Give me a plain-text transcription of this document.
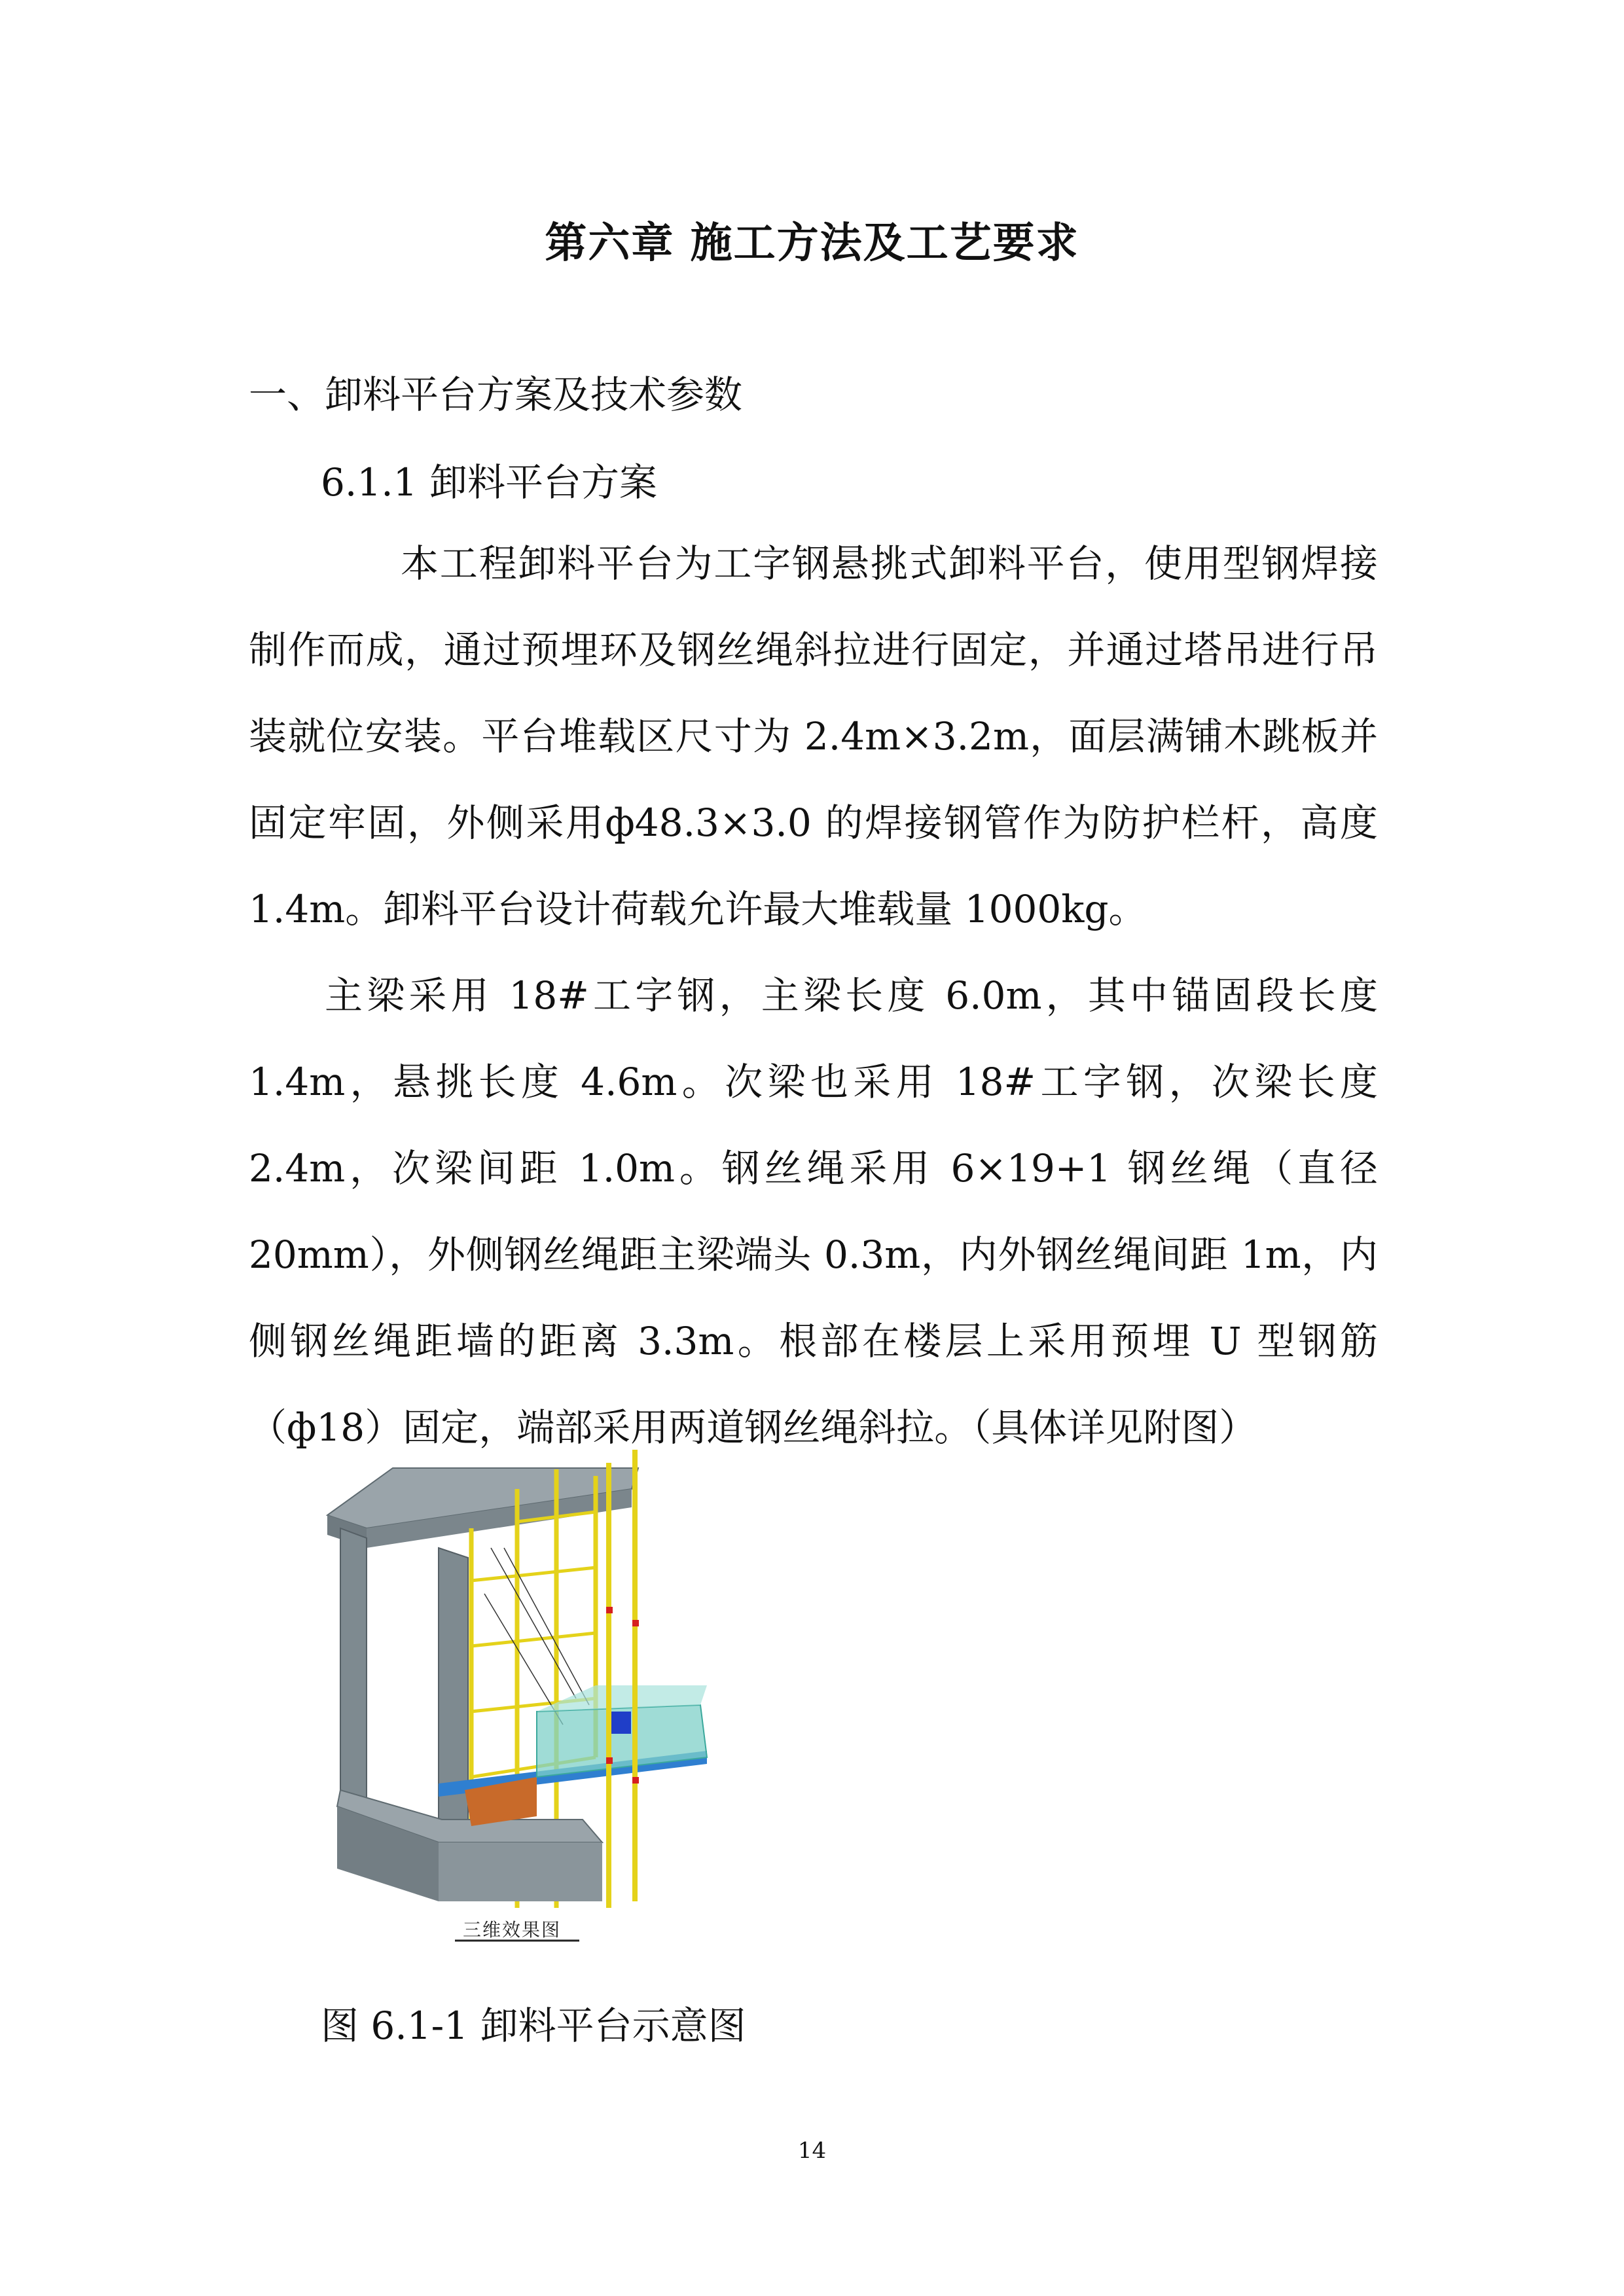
第六章 施工方法及工艺要求
一、卸料平台方案及技术参数
6.1.1 卸料平台方案

本工程卸料平台为工字钢悬挑式卸料平台，使用型钢焊接制作而成，通过预埋环及钢丝绳斜拉进行固定，并通过塔吊进行吊装就位安装。平台堆载区尺寸为 2.4m×3.2m，面层满铺木跳板并固定牢固，外侧采用ф48.3×3.0 的焊接钢管作为防护栏杆，高度 1.4m。卸料平台设计荷载允许最大堆载量 1000kg。

主梁采用 18#工字钢，主梁长度 6.0m，其中锚固段长度 1.4m，悬挑长度 4.6m。次梁也采用 18#工字钢，次梁长度 2.4m，次梁间距 1.0m。钢丝绳采用 6×19+1 钢丝绳（直径 20mm），外侧钢丝绳距主梁端头 0.3m，内外钢丝绳间距 1m，内侧钢丝绳距墙的距离 3.3m。根部在楼层上采用预埋 U 型钢筋（ф18）固定，端部采用两道钢丝绳斜拉。（具体详见附图）

三维效果图
图 6.1-1 卸料平台示意图
14
